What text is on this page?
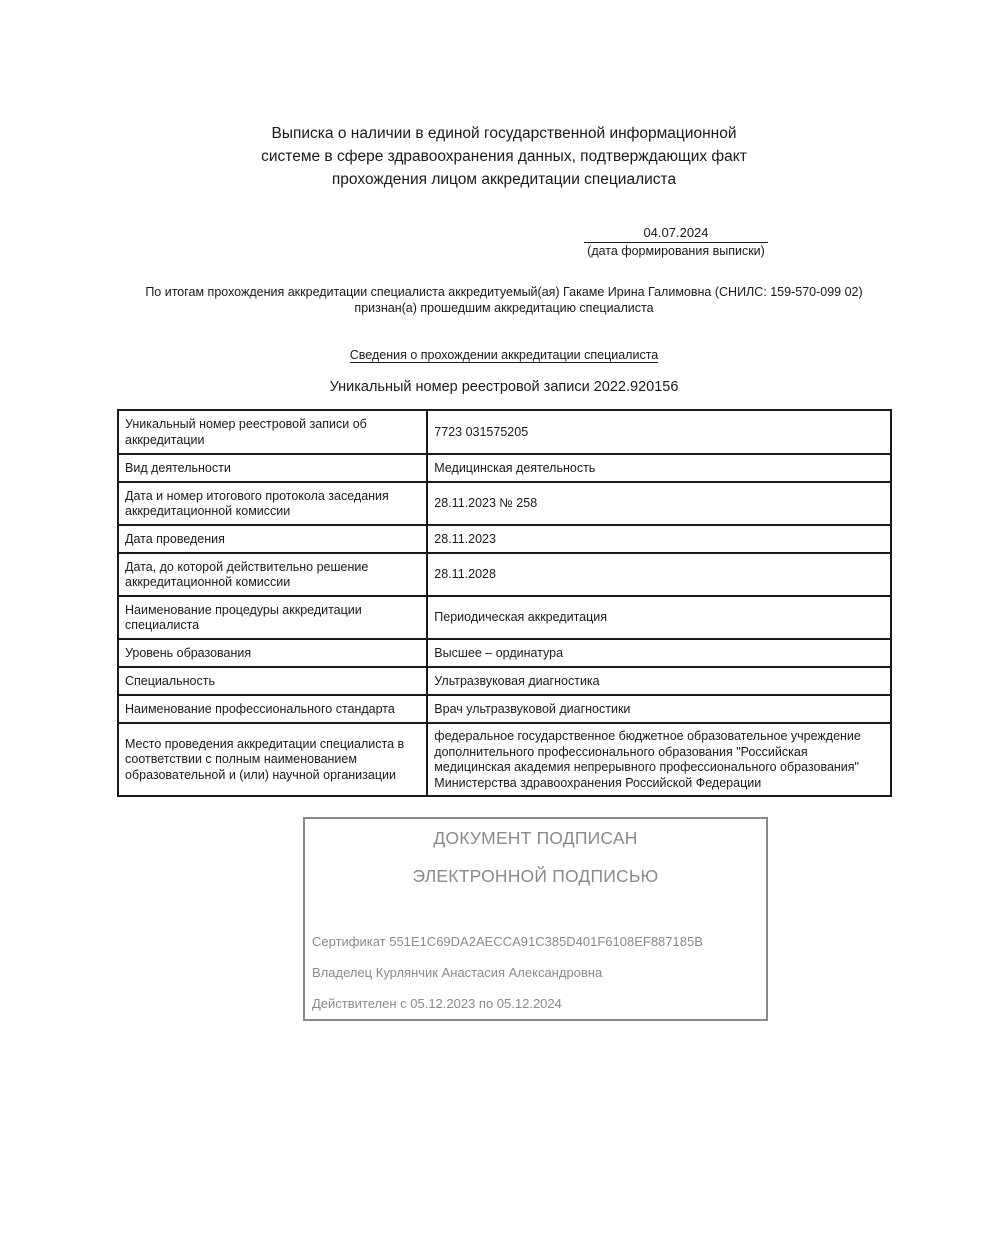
Выписка о наличии в единой государственной информационной
системе в сфере здравоохранения данных, подтверждающих факт
прохождения лицом аккредитации специалиста
04.07.2024
(дата формирования выписки)
По итогам прохождения аккредитации специалиста аккредитуемый(ая) Гакаме Ирина Галимовна (СНИЛС: 159-570-099 02)
признан(а) прошедшим аккредитацию специалиста
Сведения о прохождении аккредитации специалиста
Уникальный номер реестровой записи 2022.920156
Уникальный номер реестровой записи об аккредитации	7723 031575205
Вид деятельности	Медицинская деятельность
Дата и номер итогового протокола заседания аккредитационной комиссии	28.11.2023 № 258
Дата проведения	28.11.2023
Дата, до которой действительно решение аккредитационной комиссии	28.11.2028
Наименование процедуры аккредитации специалиста	Периодическая аккредитация
Уровень образования	Высшее – ординатура
Специальность	Ультразвуковая диагностика
Наименование профессионального стандарта	Врач ультразвуковой диагностики
Место проведения аккредитации специалиста в соответствии с полным наименованием образовательной и (или) научной организации	федеральное государственное бюджетное образовательное учреждение дополнительного профессионального образования "Российская медицинская академия непрерывного профессионального образования" Министерства здравоохранения Российской Федерации
ДОКУМЕНТ ПОДПИСАН
ЭЛЕКТРОННОЙ ПОДПИСЬЮ
Сертификат 551E1C69DA2AECCA91C385D401F6108EF887185B
Владелец Курлянчик Анастасия Александровна
Действителен с 05.12.2023 по 05.12.2024
